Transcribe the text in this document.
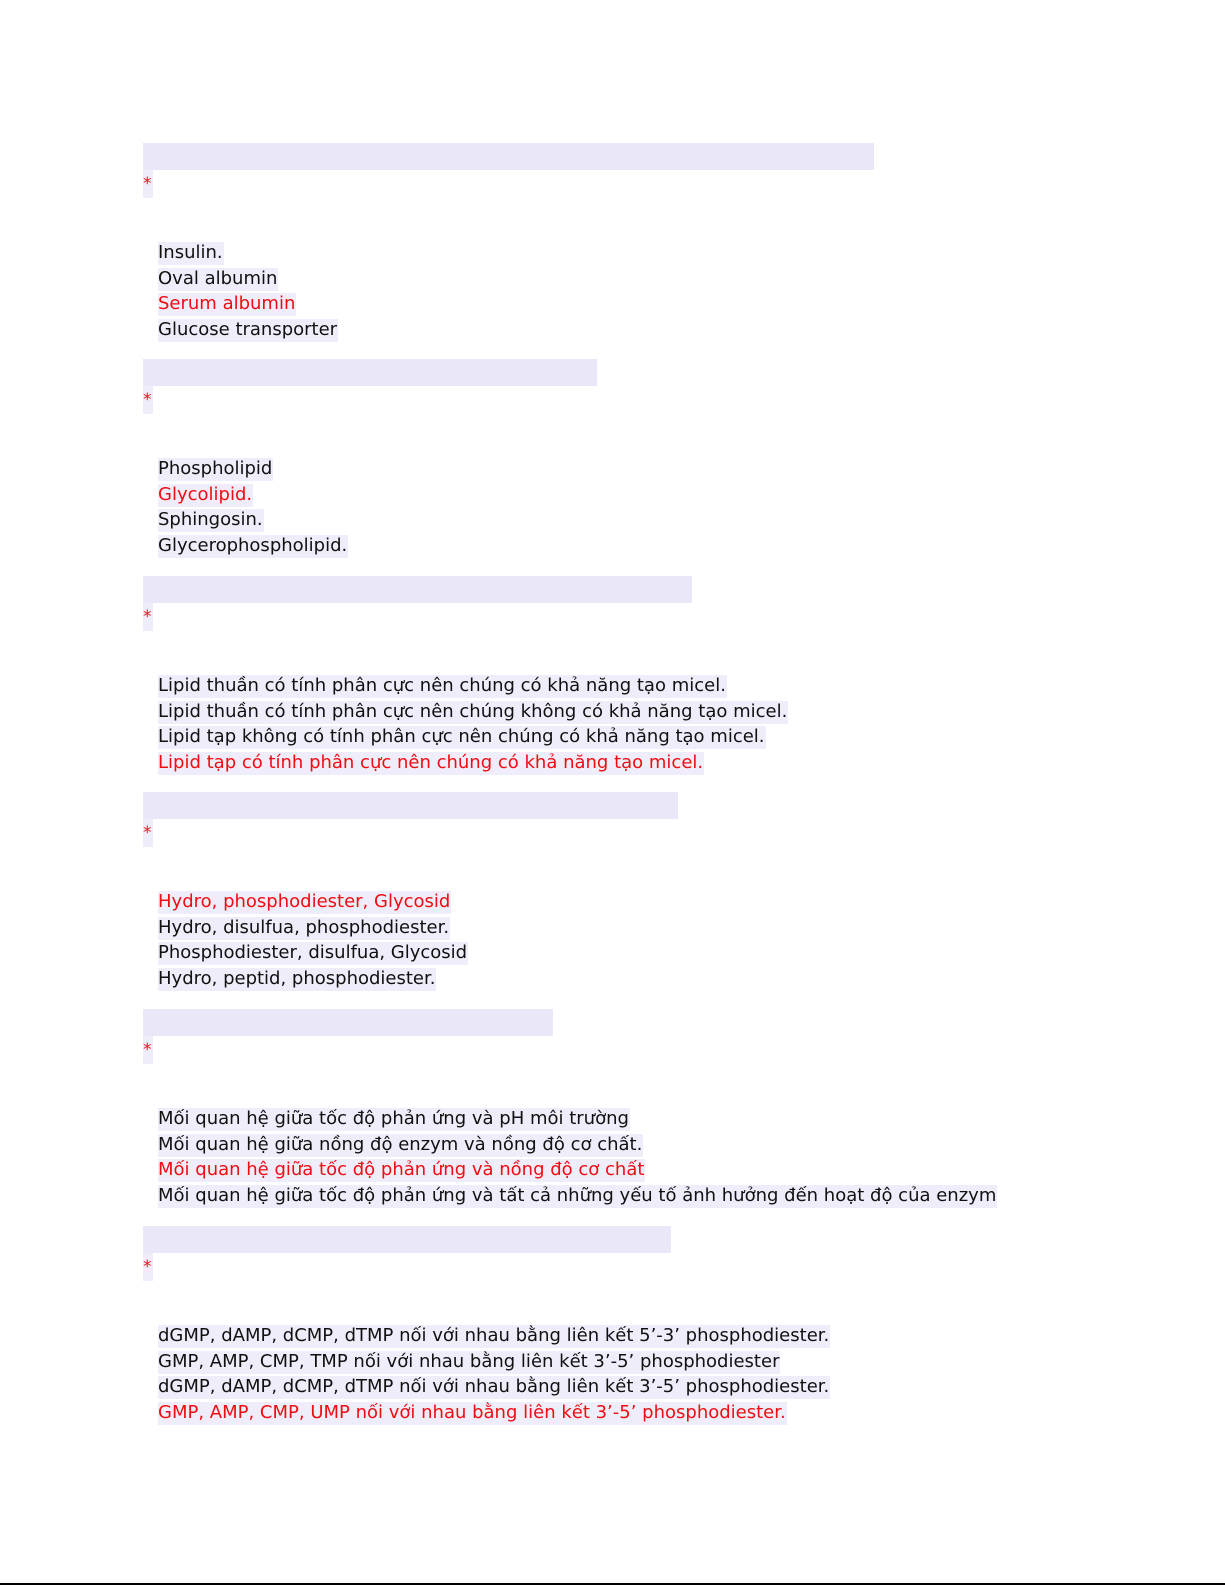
*
Insulin.
Oval albumin
Serum albumin
Glucose transporter
*
Phospholipid
Glycolipid.
Sphingosin.
Glycerophospholipid.
*
Lipid thuần có tính phân cực nên chúng có khả năng tạo micel.
Lipid thuần có tính phân cực nên chúng không có khả năng tạo micel.
Lipid tạp không có tính phân cực nên chúng có khả năng tạo micel.
Lipid tạp có tính phân cực nên chúng có khả năng tạo micel.
*
Hydro, phosphodiester, Glycosid
Hydro, disulfua, phosphodiester.
Phosphodiester, disulfua, Glycosid
Hydro, peptid, phosphodiester.
*
Mối quan hệ giữa tốc độ phản ứng và pH môi trường
Mối quan hệ giữa nồng độ enzym và nồng độ cơ chất.
Mối quan hệ giữa tốc độ phản ứng và nồng độ cơ chất
Mối quan hệ giữa tốc độ phản ứng và tất cả những yếu tố ảnh hưởng đến hoạt độ của enzym
*
dGMP, dAMP, dCMP, dTMP nối với nhau bằng liên kết 5’-3’ phosphodiester.
GMP, AMP, CMP, TMP nối với nhau bằng liên kết 3’-5’ phosphodiester
dGMP, dAMP, dCMP, dTMP nối với nhau bằng liên kết 3’-5’ phosphodiester.
GMP, AMP, CMP, UMP nối với nhau bằng liên kết 3’-5’ phosphodiester.
